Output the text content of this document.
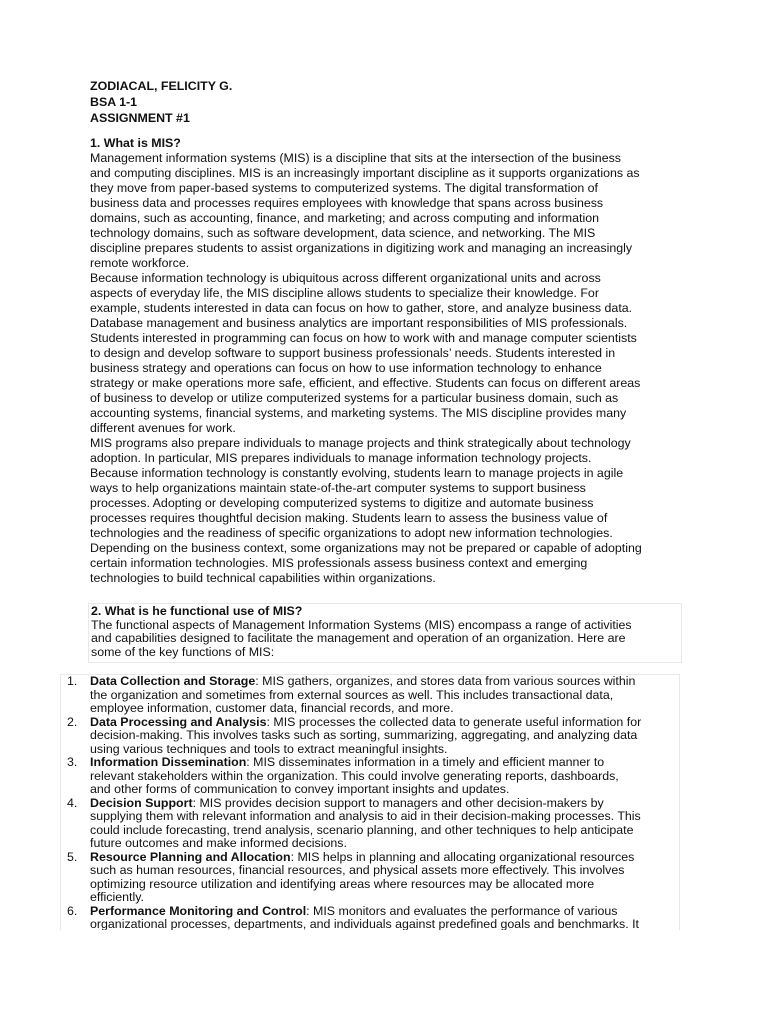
ZODIACAL, FELICITY G.
BSA 1-1
ASSIGNMENT #1
1. What is MIS?
Management information systems (MIS) is a discipline that sits at the intersection of the business
and computing disciplines. MIS is an increasingly important discipline as it supports organizations as
they move from paper-based systems to computerized systems. The digital transformation of
business data and processes requires employees with knowledge that spans across business
domains, such as accounting, finance, and marketing; and across computing and information
technology domains, such as software development, data science, and networking. The MIS
discipline prepares students to assist organizations in digitizing work and managing an increasingly
remote workforce.
Because information technology is ubiquitous across different organizational units and across
aspects of everyday life, the MIS discipline allows students to specialize their knowledge. For
example, students interested in data can focus on how to gather, store, and analyze business data.
Database management and business analytics are important responsibilities of MIS professionals.
Students interested in programming can focus on how to work with and manage computer scientists
to design and develop software to support business professionals’ needs. Students interested in
business strategy and operations can focus on how to use information technology to enhance
strategy or make operations more safe, efficient, and effective. Students can focus on different areas
of business to develop or utilize computerized systems for a particular business domain, such as
accounting systems, financial systems, and marketing systems. The MIS discipline provides many
different avenues for work.
MIS programs also prepare individuals to manage projects and think strategically about technology
adoption. In particular, MIS prepares individuals to manage information technology projects.
Because information technology is constantly evolving, students learn to manage projects in agile
ways to help organizations maintain state-of-the-art computer systems to support business
processes. Adopting or developing computerized systems to digitize and automate business
processes requires thoughtful decision making. Students learn to assess the business value of
technologies and the readiness of specific organizations to adopt new information technologies.
Depending on the business context, some organizations may not be prepared or capable of adopting
certain information technologies. MIS professionals assess business context and emerging
technologies to build technical capabilities within organizations.
2. What is he functional use of MIS?
The functional aspects of Management Information Systems (MIS) encompass a range of activities
and capabilities designed to facilitate the management and operation of an organization. Here are
some of the key functions of MIS:
1.	Data Collection and Storage: MIS gathers, organizes, and stores data from various sources within
the organization and sometimes from external sources as well. This includes transactional data,
employee information, customer data, financial records, and more.
2.	Data Processing and Analysis: MIS processes the collected data to generate useful information for
decision-making. This involves tasks such as sorting, summarizing, aggregating, and analyzing data
using various techniques and tools to extract meaningful insights.
3.	Information Dissemination: MIS disseminates information in a timely and efficient manner to
relevant stakeholders within the organization. This could involve generating reports, dashboards,
and other forms of communication to convey important insights and updates.
4.	Decision Support: MIS provides decision support to managers and other decision-makers by
supplying them with relevant information and analysis to aid in their decision-making processes. This
could include forecasting, trend analysis, scenario planning, and other techniques to help anticipate
future outcomes and make informed decisions.
5.	Resource Planning and Allocation: MIS helps in planning and allocating organizational resources
such as human resources, financial resources, and physical assets more effectively. This involves
optimizing resource utilization and identifying areas where resources may be allocated more
efficiently.
6.	Performance Monitoring and Control: MIS monitors and evaluates the performance of various
organizational processes, departments, and individuals against predefined goals and benchmarks. It
